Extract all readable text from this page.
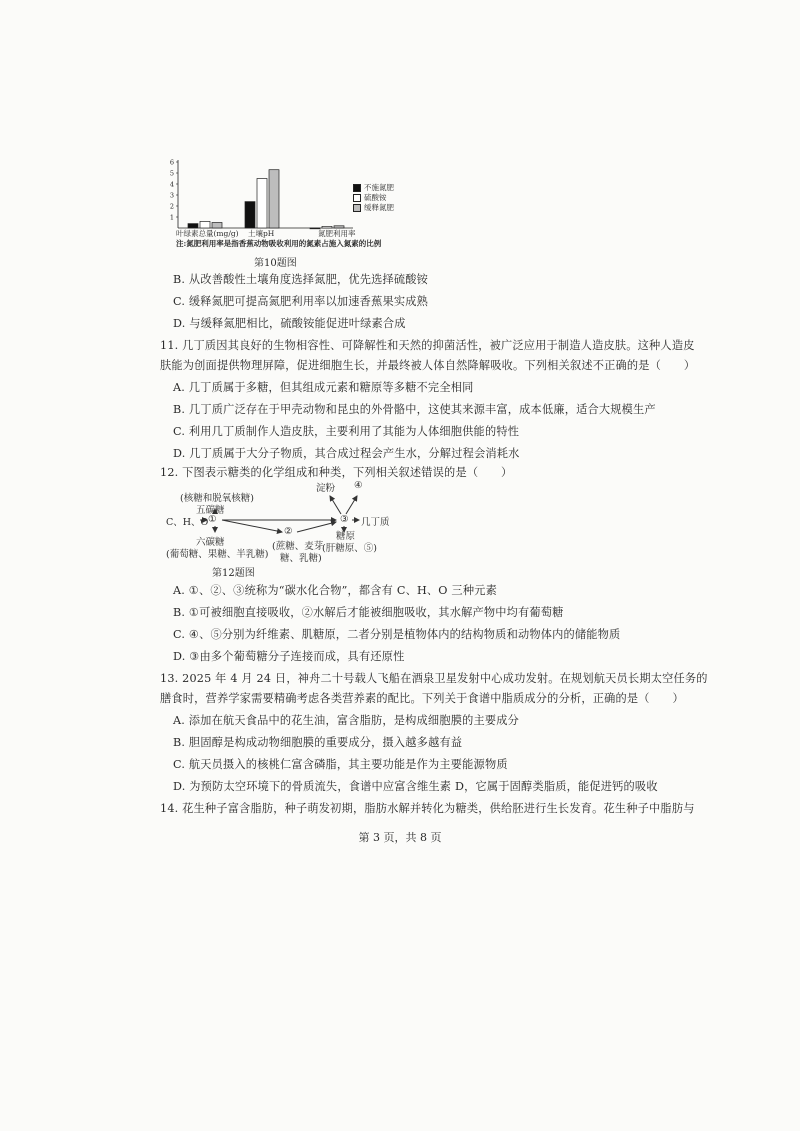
1
2
3
4
5
6
不施氮肥
硫酸铵
缓释氮肥
叶绿素总量(mg/g) 土壤pH	氮肥利用率
注:氮肥利用率是指香蕉动物吸收利用的氮素占施入氮素的比例
第10题图
B. 从改善酸性土壤角度选择氮肥，优先选择硫酸铵
C. 缓释氮肥可提高氮肥利用率以加速香蕉果实成熟
D. 与缓释氮肥相比，硫酸铵能促进叶绿素合成
11. 几丁质因其良好的生物相容性、可降解性和天然的抑菌活性，被广泛应用于制造人造皮肤。这种人造皮
肤能为创面提供物理屏障，促进细胞生长，并最终被人体自然降解吸收。下列相关叙述不正确的是（　　）
A. 几丁质属于多糖，但其组成元素和糖原等多糖不完全相同
B. 几丁质广泛存在于甲壳动物和昆虫的外骨骼中，这使其来源丰富，成本低廉，适合大规模生产
C. 利用几丁质制作人造皮肤，主要利用了其能为人体细胞供能的特性
D. 几丁质属于大分子物质，其合成过程会产生水，分解过程会消耗水
12. 下图表示糖类的化学组成和种类，下列相关叙述错误的是（　　）
淀粉 ④
(核糖和脱氧核糖)
五碳糖
C、H、O ①	③ 几丁质
②
六碳糖
糖原
(蔗糖、麦芽
(葡萄糖、果糖、半乳糖)
(肝糖原、⑤)
糖、乳糖)
第12题图
A. ①、②、③统称为“碳水化合物”，都含有 C、H、O 三种元素
B. ①可被细胞直接吸收，②水解后才能被细胞吸收，其水解产物中均有葡萄糖
C. ④、⑤分别为纤维素、肌糖原，二者分别是植物体内的结构物质和动物体内的储能物质
D. ③由多个葡萄糖分子连接而成，具有还原性
13. 2025 年 4 月 24 日，神舟二十号载人飞船在酒泉卫星发射中心成功发射。在规划航天员长期太空任务的
膳食时，营养学家需要精确考虑各类营养素的配比。下列关于食谱中脂质成分的分析，正确的是（　　）
A. 添加在航天食品中的花生油，富含脂肪，是构成细胞膜的主要成分
B. 胆固醇是构成动物细胞膜的重要成分，摄入越多越有益
C. 航天员摄入的核桃仁富含磷脂，其主要功能是作为主要能源物质
D. 为预防太空环境下的骨质流失，食谱中应富含维生素 D，它属于固醇类脂质，能促进钙的吸收
14. 花生种子富含脂肪，种子萌发初期，脂肪水解并转化为糖类，供给胚进行生长发育。花生种子中脂肪与
第 3 页，共 8 页
